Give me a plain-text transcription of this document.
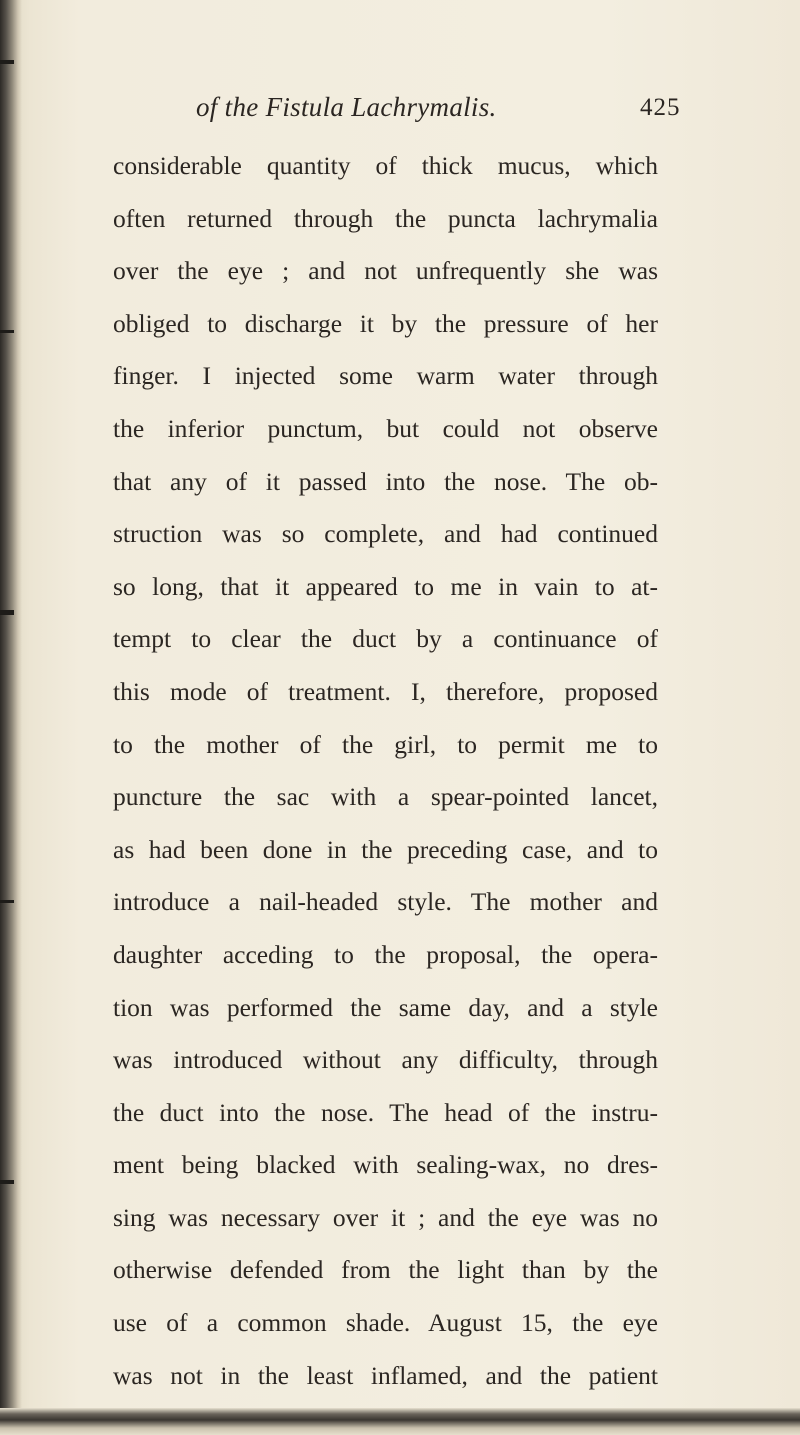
of the Fistula Lachrymalis.	425
considerable quantity of thick mucus, which
often returned through the puncta lachrymalia
over the eye ; and not unfrequently she was
obliged to discharge it by the pressure of her
finger. I injected some warm water through
the inferior punctum, but could not observe
that any of it passed into the nose. The ob-
struction was so complete, and had continued
so long, that it appeared to me in vain to at-
tempt to clear the duct by a continuance of
this mode of treatment. I, therefore, proposed
to the mother of the girl, to permit me to
puncture the sac with a spear-pointed lancet,
as had been done in the preceding case, and to
introduce a nail-headed style. The mother and
daughter acceding to the proposal, the opera-
tion was performed the same day, and a style
was introduced without any difficulty, through
the duct into the nose. The head of the instru-
ment being blacked with sealing-wax, no dres-
sing was necessary over it ; and the eye was no
otherwise defended from the light than by the
use of a common shade. August 15, the eye
was not in the least inflamed, and the patient
